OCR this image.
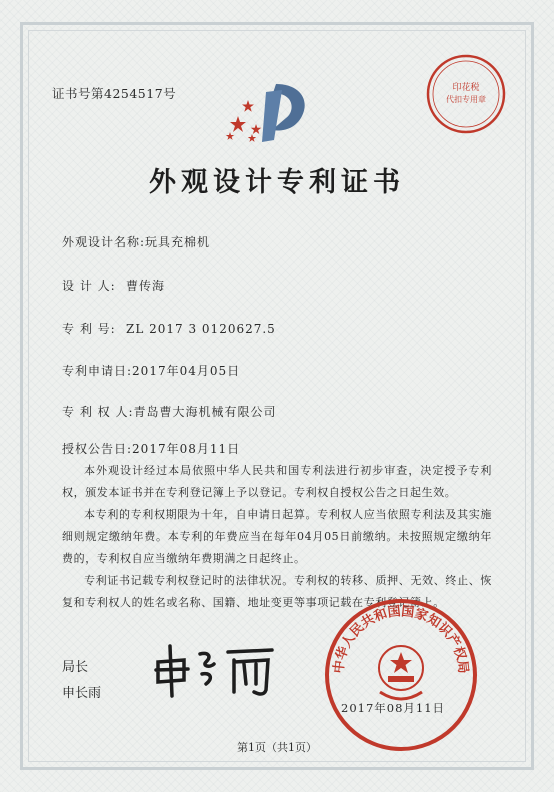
证书号第4254517号	印花税
代扣专用章
外观设计专利证书
外观设计名称:玩具充棉机
设 计 人: 曹传海
专 利 号: ZL 2017 3 0120627.5
专利申请日:2017年04月05日
专 利 权 人:青岛曹大海机械有限公司
授权公告日:2017年08月11日
本外观设计经过本局依照中华人民共和国专利法进行初步审查，决定授予专利权，颁发本证书并在专利登记簿上予以登记。专利权自授权公告之日起生效。
本专利的专利权期限为十年，自申请日起算。专利权人应当依照专利法及其实施细则规定缴纳年费。本专利的年费应当在每年04月05日前缴纳。未按照规定缴纳年费的，专利权自应当缴纳年费期满之日起终止。
专利证书记载专利权登记时的法律状况。专利权的转移、质押、无效、终止、恢复和专利权人的姓名或名称、国籍、地址变更等事项记载在专利登记簿上。
局长
申长雨
中华人民共和国国家知识产权局
2017年08月11日
第1页（共1页）
